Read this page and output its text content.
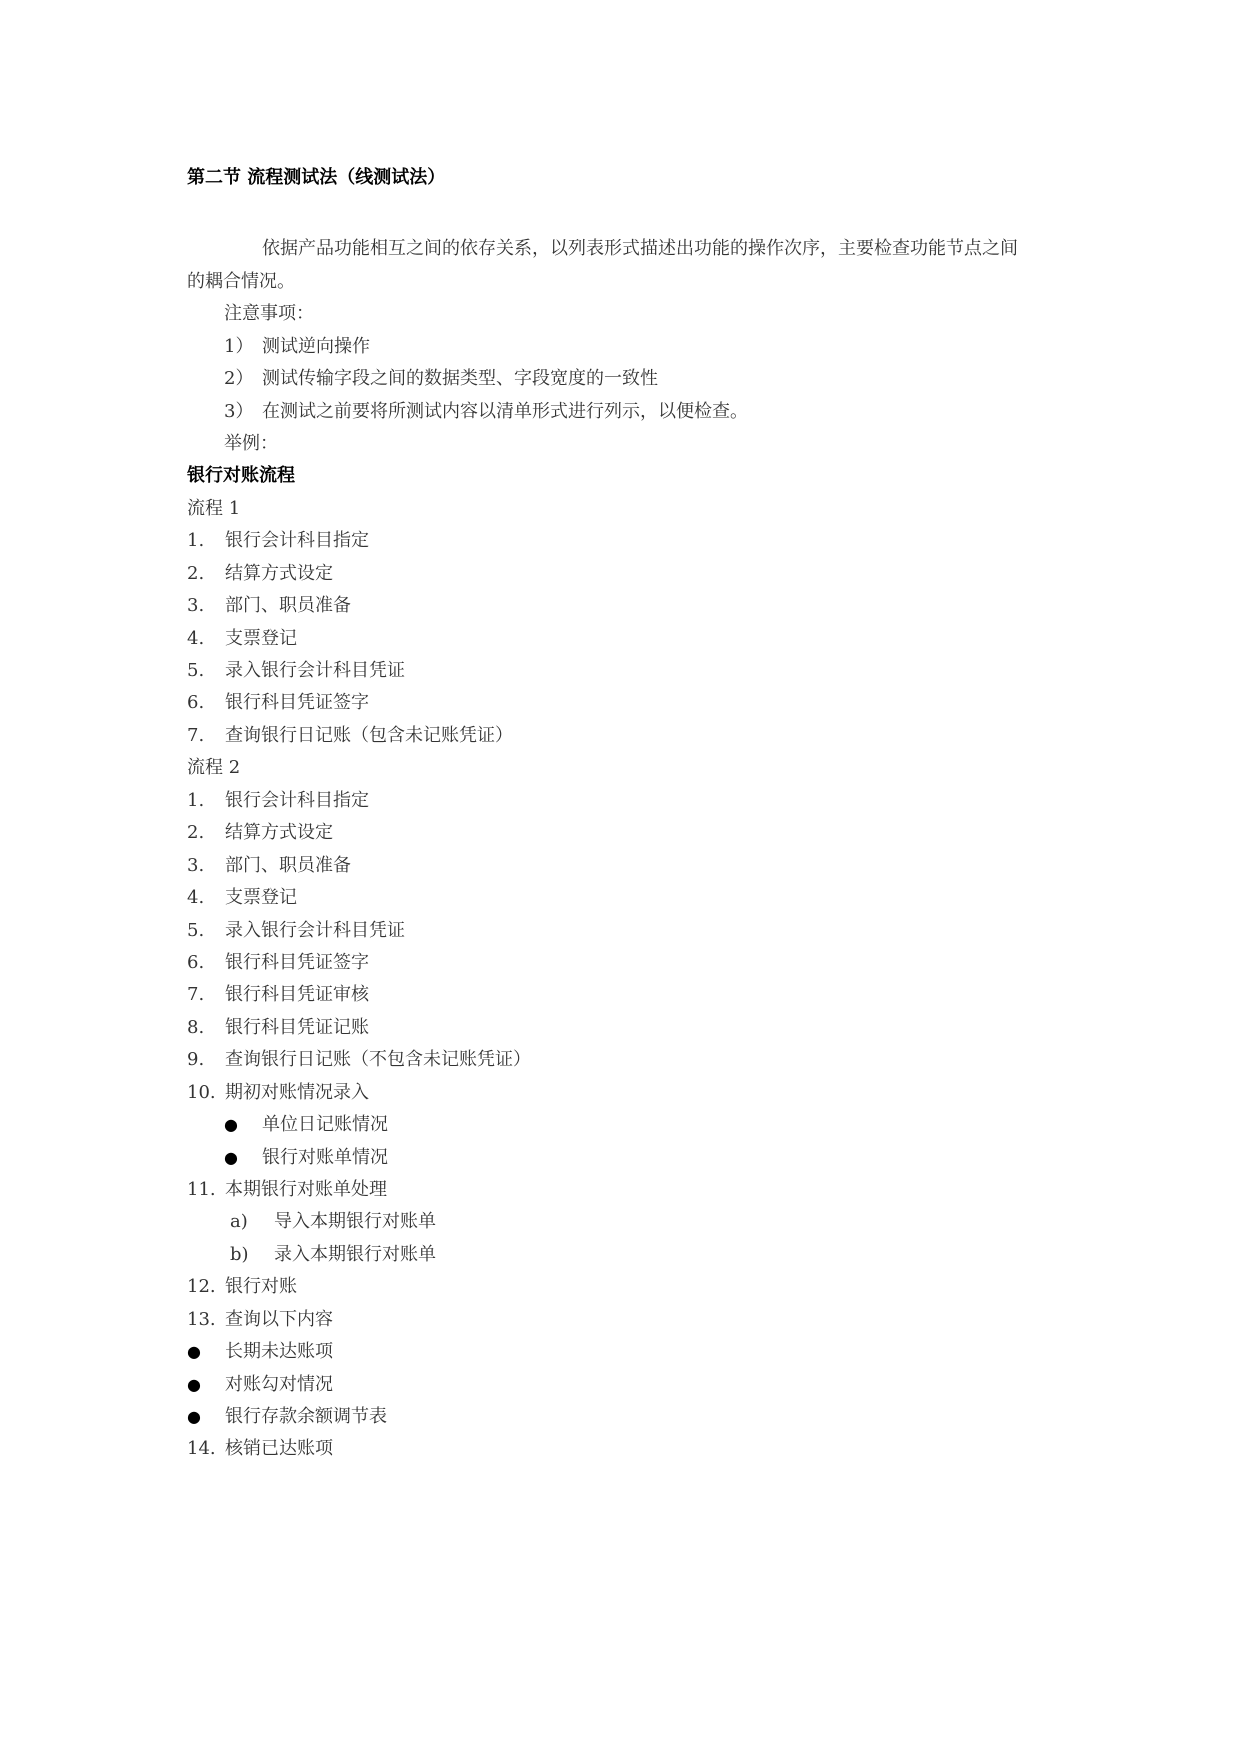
第二节 流程测试法（线测试法）
依据产品功能相互之间的依存关系，以列表形式描述出功能的操作次序，主要检查功能节点之间
的耦合情况。
注意事项：
1） 测试逆向操作
2） 测试传输字段之间的数据类型、字段宽度的一致性
3） 在测试之前要将所测试内容以清单形式进行列示，以便检查。
举例：
银行对账流程
流程 1
1. 银行会计科目指定
2. 结算方式设定
3. 部门、职员准备
4. 支票登记
5. 录入银行会计科目凭证
6. 银行科目凭证签字
7. 查询银行日记账（包含未记账凭证）
流程 2
1. 银行会计科目指定
2. 结算方式设定
3. 部门、职员准备
4. 支票登记
5. 录入银行会计科目凭证
6. 银行科目凭证签字
7. 银行科目凭证审核
8. 银行科目凭证记账
9. 查询银行日记账（不包含未记账凭证）
10. 期初对账情况录入
● 单位日记账情况
● 银行对账单情况
11. 本期银行对账单处理
a) 导入本期银行对账单
b) 录入本期银行对账单
12. 银行对账
13. 查询以下内容
● 长期未达账项
● 对账勾对情况
● 银行存款余额调节表
14. 核销已达账项
